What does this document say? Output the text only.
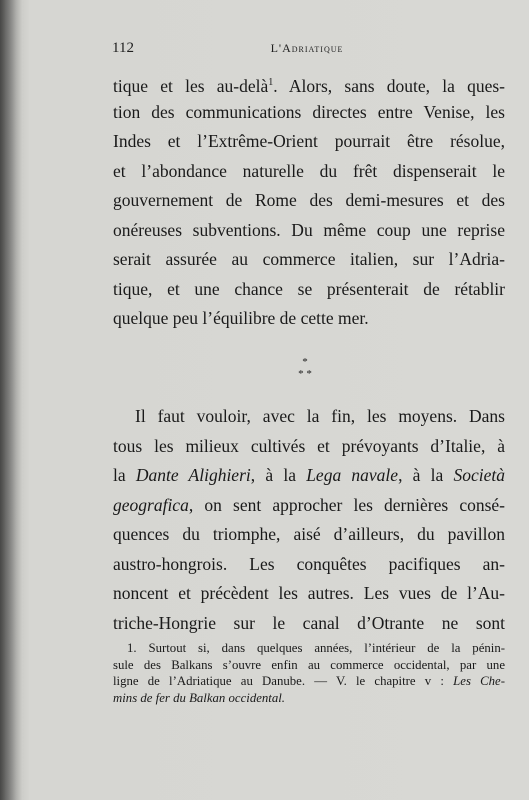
112	L'Adriatique
tique et les au-delà$^1$. Alors, sans doute, la ques-
tion des communications directes entre Venise, les
Indes et l’Extrême-Orient pourrait être résolue,
et l’abondance naturelle du frêt dispenserait le
gouvernement de Rome des demi-mesures et des
onéreuses subventions. Du même coup une reprise
serait assurée au commerce italien, sur l’Adria-
tique, et une chance se présenterait de rétablir
quelque peu l’équilibre de cette mer.
*
* *
Il faut vouloir, avec la fin, les moyens. Dans
tous les milieux cultivés et prévoyants d’Italie, à
la Dante Alighieri, à la Lega navale, à la Società
geografica, on sent approcher les dernières consé-
quences du triomphe, aisé d’ailleurs, du pavillon
austro-hongrois. Les conquêtes pacifiques an-
noncent et précèdent les autres. Les vues de l’Au-
triche-Hongrie sur le canal d’Otrante ne sont
1. Surtout si, dans quelques années, l’intérieur de la pénin-
sule des Balkans s’ouvre enfin au commerce occidental, par une
ligne de l’Adriatique au Danube. — V. le chapitre v : Les Che-
mins de fer du Balkan occidental.
